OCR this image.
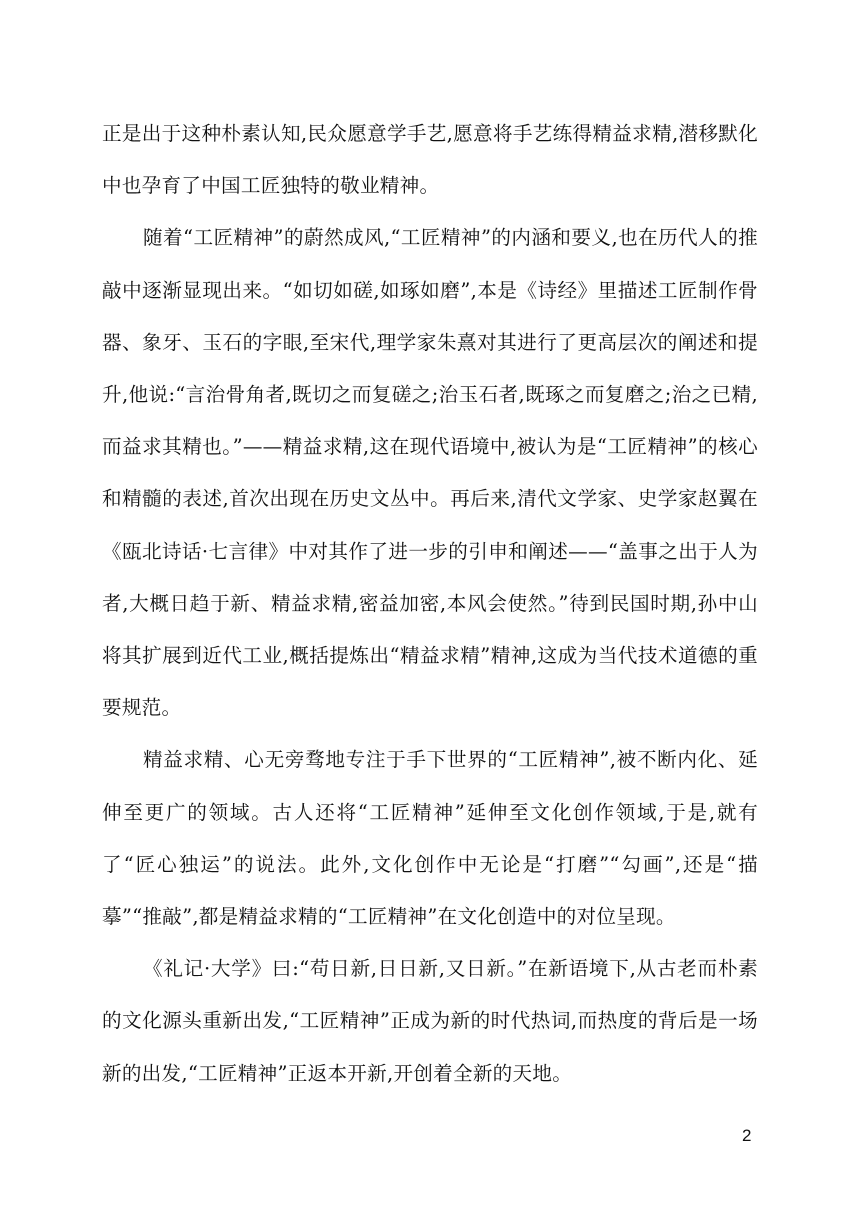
正是出于这种朴素认知,民众愿意学手艺,愿意将手艺练得精益求精,潜移默化中也孕育了中国工匠独特的敬业精神。

随着“工匠精神”的蔚然成风,“工匠精神”的内涵和要义,也在历代人的推敲中逐渐显现出来。“如切如磋,如琢如磨”,本是《诗经》里描述工匠制作骨器、象牙、玉石的字眼,至宋代,理学家朱熹对其进行了更高层次的阐述和提升,他说:“言治骨角者,既切之而复磋之;治玉石者,既琢之而复磨之;治之已精,而益求其精也。”——精益求精,这在现代语境中,被认为是“工匠精神”的核心和精髓的表述,首次出现在历史文丛中。再后来,清代文学家、史学家赵翼在《瓯北诗话·七言律》中对其作了进一步的引申和阐述——“盖事之出于人为者,大概日趋于新、精益求精,密益加密,本风会使然。”待到民国时期,孙中山将其扩展到近代工业,概括提炼出“精益求精”精神,这成为当代技术道德的重要规范。

精益求精、心无旁骛地专注于手下世界的“工匠精神”,被不断内化、延伸至更广的领域。古人还将“工匠精神”延伸至文化创作领域,于是,就有了“匠心独运”的说法。此外,文化创作中无论是“打磨”“勾画”,还是“描摹”“推敲”,都是精益求精的“工匠精神”在文化创造中的对位呈现。

《礼记·大学》曰:“苟日新,日日新,又日新。”在新语境下,从古老而朴素的文化源头重新出发,“工匠精神”正成为新的时代热词,而热度的背后是一场新的出发,“工匠精神”正返本开新,开创着全新的天地。

2
